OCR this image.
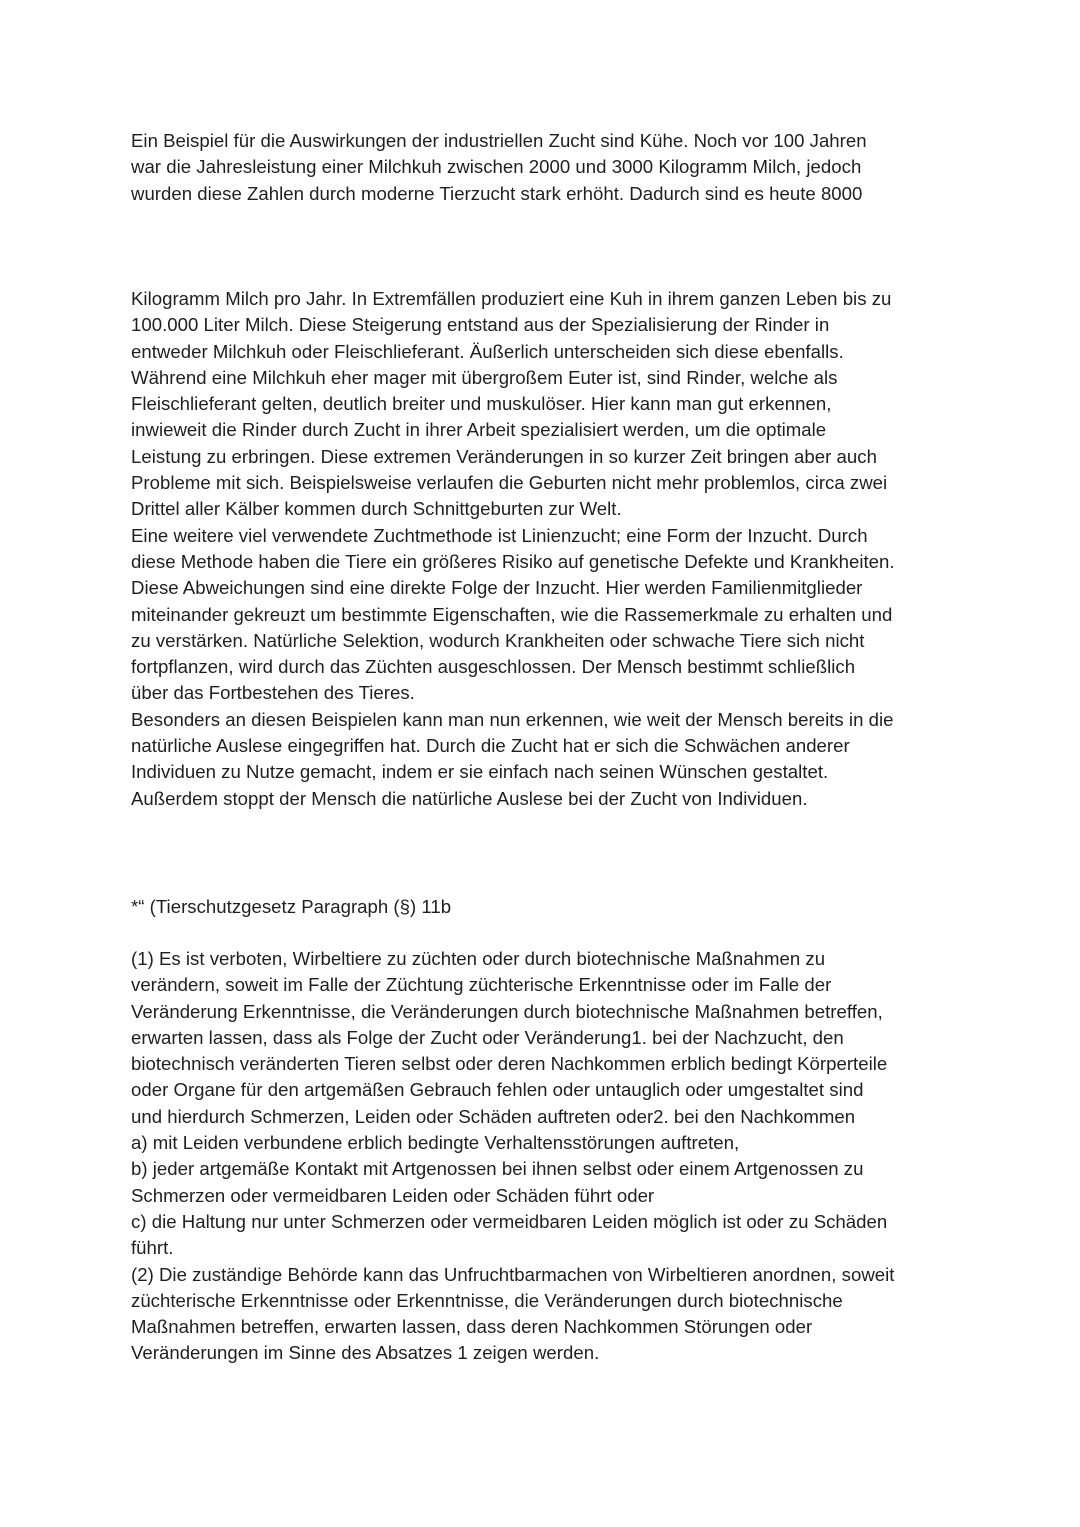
Ein Beispiel für die Auswirkungen der industriellen Zucht sind Kühe. Noch vor 100 Jahren
war die Jahresleistung einer Milchkuh zwischen 2000 und 3000 Kilogramm Milch, jedoch
wurden diese Zahlen durch moderne Tierzucht stark erhöht. Dadurch sind es heute 8000
Kilogramm Milch pro Jahr. In Extremfällen produziert eine Kuh in ihrem ganzen Leben bis zu
100.000 Liter Milch. Diese Steigerung entstand aus der Spezialisierung der Rinder in
entweder Milchkuh oder Fleischlieferant. Äußerlich unterscheiden sich diese ebenfalls.
Während eine Milchkuh eher mager mit übergroßem Euter ist, sind Rinder, welche als
Fleischlieferant gelten, deutlich breiter und muskulöser. Hier kann man gut erkennen,
inwieweit die Rinder durch Zucht in ihrer Arbeit spezialisiert werden, um die optimale
Leistung zu erbringen. Diese extremen Veränderungen in so kurzer Zeit bringen aber auch
Probleme mit sich. Beispielsweise verlaufen die Geburten nicht mehr problemlos, circa zwei
Drittel aller Kälber kommen durch Schnittgeburten zur Welt.
Eine weitere viel verwendete Zuchtmethode ist Linienzucht; eine Form der Inzucht. Durch
diese Methode haben die Tiere ein größeres Risiko auf genetische Defekte und Krankheiten.
Diese Abweichungen sind eine direkte Folge der Inzucht. Hier werden Familienmitglieder
miteinander gekreuzt um bestimmte Eigenschaften, wie die Rassemerkmale zu erhalten und
zu verstärken. Natürliche Selektion, wodurch Krankheiten oder schwache Tiere sich nicht
fortpflanzen, wird durch das Züchten ausgeschlossen. Der Mensch bestimmt schließlich
über das Fortbestehen des Tieres.
Besonders an diesen Beispielen kann man nun erkennen, wie weit der Mensch bereits in die
natürliche Auslese eingegriffen hat. Durch die Zucht hat er sich die Schwächen anderer
Individuen zu Nutze gemacht, indem er sie einfach nach seinen Wünschen gestaltet.
Außerdem stoppt der Mensch die natürliche Auslese bei der Zucht von Individuen.
*“ (Tierschutzgesetz Paragraph (§) 11b
(1) Es ist verboten, Wirbeltiere zu züchten oder durch biotechnische Maßnahmen zu
verändern, soweit im Falle der Züchtung züchterische Erkenntnisse oder im Falle der
Veränderung Erkenntnisse, die Veränderungen durch biotechnische Maßnahmen betreffen,
erwarten lassen, dass als Folge der Zucht oder Veränderung1. bei der Nachzucht, den
biotechnisch veränderten Tieren selbst oder deren Nachkommen erblich bedingt Körperteile
oder Organe für den artgemäßen Gebrauch fehlen oder untauglich oder umgestaltet sind
und hierdurch Schmerzen, Leiden oder Schäden auftreten oder2. bei den Nachkommen
a) mit Leiden verbundene erblich bedingte Verhaltensstörungen auftreten,
b) jeder artgemäße Kontakt mit Artgenossen bei ihnen selbst oder einem Artgenossen zu
Schmerzen oder vermeidbaren Leiden oder Schäden führt oder
c) die Haltung nur unter Schmerzen oder vermeidbaren Leiden möglich ist oder zu Schäden
führt.
(2) Die zuständige Behörde kann das Unfruchtbarmachen von Wirbeltieren anordnen, soweit
züchterische Erkenntnisse oder Erkenntnisse, die Veränderungen durch biotechnische
Maßnahmen betreffen, erwarten lassen, dass deren Nachkommen Störungen oder
Veränderungen im Sinne des Absatzes 1 zeigen werden.
